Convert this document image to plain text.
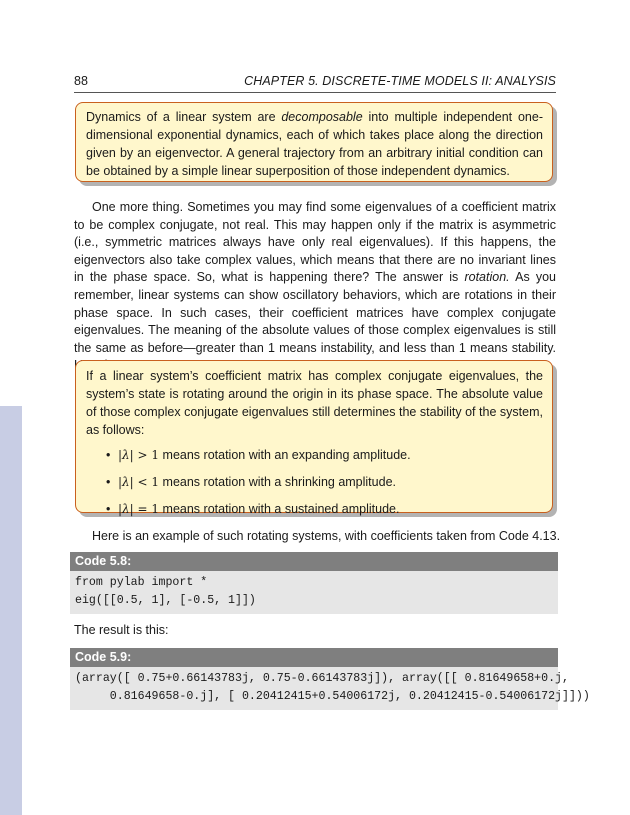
88	CHAPTER 5. DISCRETE-TIME MODELS II: ANALYSIS

Dynamics of a linear system are decomposable into multiple independent one-dimensional exponential dynamics, each of which takes place along the direction given by an eigenvector. A general trajectory from an arbitrary initial condition can be obtained by a simple linear superposition of those independent dynamics.

One more thing. Sometimes you may find some eigenvalues of a coefficient matrix to be complex conjugate, not real. This may happen only if the matrix is asymmetric (i.e., symmetric matrices always have only real eigenvalues). If this happens, the eigenvectors also take complex values, which means that there are no invariant lines in the phase space. So, what is happening there? The answer is rotation. As you remember, linear systems can show oscillatory behaviors, which are rotations in their phase space. In such cases, their coefficient matrices have complex conjugate eigenvalues. The meaning of the absolute values of those complex eigenvalues is still the same as before—greater than 1 means instability, and less than 1 means stability.

If a linear system’s coefficient matrix has complex conjugate eigenvalues, the system’s state is rotating around the origin in its phase space. The absolute value of those complex conjugate eigenvalues still determines the stability of the system, as follows:

• |λ| > 1 means rotation with an expanding amplitude.
• |λ| < 1 means rotation with a shrinking amplitude.
• |λ| = 1 means rotation with a sustained amplitude.
Here is an example of such rotating systems, with coefficients taken from Code 4.13.
Code 5.8:
from pylab import *
eig([[0.5, 1], [-0.5, 1]])
The result is this:
Code 5.9:
(array([ 0.75+0.66143783j, 0.75-0.66143783j]), array([[ 0.81649658+0.j,
0.81649658-0.j], [ 0.20412415+0.54006172j, 0.20412415-0.54006172j]]))
